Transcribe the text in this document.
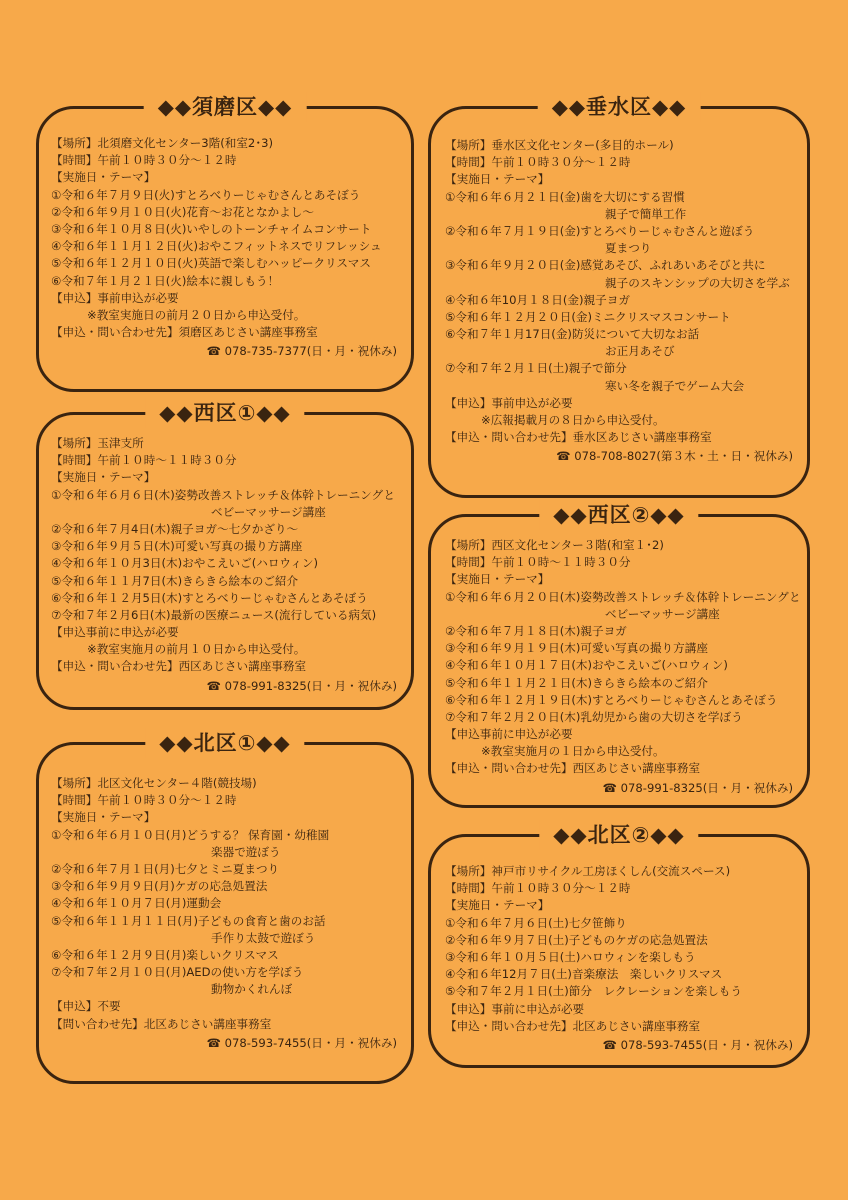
◆◆須磨区◆◆
【場所】北須磨文化センター3階(和室2･3)
【時間】午前１０時３０分～１２時
【実施日・テーマ】
①令和６年７月９日(火)すとろべりーじゃむさんとあそぼう
②令和６年９月１０日(火)花育～お花となかよし～
③令和６年１０月８日(火)いやしのトーンチャイムコンサート
④令和６年１１月１２日(火)おやこフィットネスでリフレッシュ
⑤令和６年１２月１０日(火)英語で楽しむハッピークリスマス
⑥令和７年１月２１日(火)絵本に親しもう！
【申込】事前申込が必要
※教室実施日の前月２０日から申込受付。
【申込・問い合わせ先】須磨区あじさい講座事務室
☎ 078-735-7377(日・月・祝休み)
◆◆垂水区◆◆
【場所】垂水区文化センター(多目的ホール)
【時間】午前１０時３０分～１２時
【実施日・テーマ】
①令和６年６月２１日(金)歯を大切にする習慣
親子で簡単工作
②令和６年７月１９日(金)すとろべりーじゃむさんと遊ぼう
夏まつり
③令和６年９月２０日(金)感覚あそび、ふれあいあそびと共に
親子のスキンシップの大切さを学ぶ
④令和６年10月１８日(金)親子ヨガ
⑤令和６年１２月２０日(金)ミニクリスマスコンサート
⑥令和７年１月17日(金)防災について大切なお話
お正月あそび
⑦令和７年２月１日(土)親子で節分
寒い冬を親子でゲーム大会
【申込】事前申込が必要
※広報掲載月の８日から申込受付。
【申込・問い合わせ先】垂水区あじさい講座事務室
☎ 078-708-8027(第３木・土・日・祝休み)
◆◆西区①◆◆
【場所】玉津支所
【時間】午前１０時～１１時３０分
【実施日・テーマ】
①令和６年６月６日(木)姿勢改善ストレッチ＆体幹トレーニングと
ベビーマッサージ講座
②令和６年７月4日(木)親子ヨガ～七夕かざり～
③令和６年９月５日(木)可愛い写真の撮り方講座
④令和６年１０月3日(木)おやこえいご(ハロウィン)
⑤令和６年１１月7日(木)きらきら絵本のご紹介
⑥令和６年１２月5日(木)すとろべりーじゃむさんとあそぼう
⑦令和７年２月6日(木)最新の医療ニュース(流行している病気)
【申込事前に申込が必要
※教室実施月の前月１０日から申込受付。
【申込・問い合わせ先】西区あじさい講座事務室
☎ 078-991-8325(日・月・祝休み)
◆◆西区②◆◆
【場所】西区文化センター３階(和室１･2)
【時間】午前１０時～１１時３０分
【実施日・テーマ】
①令和６年６月２０日(木)姿勢改善ストレッチ＆体幹トレーニングと
ベビーマッサージ講座
②令和６年７月１８日(木)親子ヨガ
③令和６年９月１９日(木)可愛い写真の撮り方講座
④令和６年１０月１７日(木)おやこえいご(ハロウィン)
⑤令和６年１１月２１日(木)きらきら絵本のご紹介
⑥令和６年１２月１９日(木)すとろべりーじゃむさんとあそぼう
⑦令和７年２月２０日(木)乳幼児から歯の大切さを学ぼう
【申込事前に申込が必要
※教室実施月の１日から申込受付。
【申込・問い合わせ先】西区あじさい講座事務室
☎ 078-991-8325(日・月・祝休み)
◆◆北区①◆◆
【場所】北区文化センター４階(競技場)
【時間】午前１０時３０分～１２時
【実施日・テーマ】
①令和６年６月１０日(月)どうする？ 保育園・幼稚園
楽器で遊ぼう
②令和６年７月１日(月)七夕とミニ夏まつり
③令和６年９月９日(月)ケガの応急処置法
④令和６年１０月７日(月)運動会
⑤令和６年１１月１１日(月)子どもの食育と歯のお話
手作り太鼓で遊ぼう
⑥令和６年１２月９日(月)楽しいクリスマス
⑦令和７年２月１０日(月)AEDの使い方を学ぼう
動物かくれんぼ
【申込】不要
【問い合わせ先】北区あじさい講座事務室
☎ 078-593-7455(日・月・祝休み)
◆◆北区②◆◆
【場所】神戸市リサイクル工房ほくしん(交流スペース)
【時間】午前１０時３０分～１２時
【実施日・テーマ】
①令和６年７月６日(土)七夕笹飾り
②令和６年９月７日(土)子どものケガの応急処置法
③令和６年１０月５日(土)ハロウィンを楽しもう
④令和６年12月７日(土)音楽療法　楽しいクリスマス
⑤令和７年２月１日(土)節分　レクレーションを楽しもう
【申込】事前に申込が必要
【申込・問い合わせ先】北区あじさい講座事務室
☎ 078-593-7455(日・月・祝休み)
